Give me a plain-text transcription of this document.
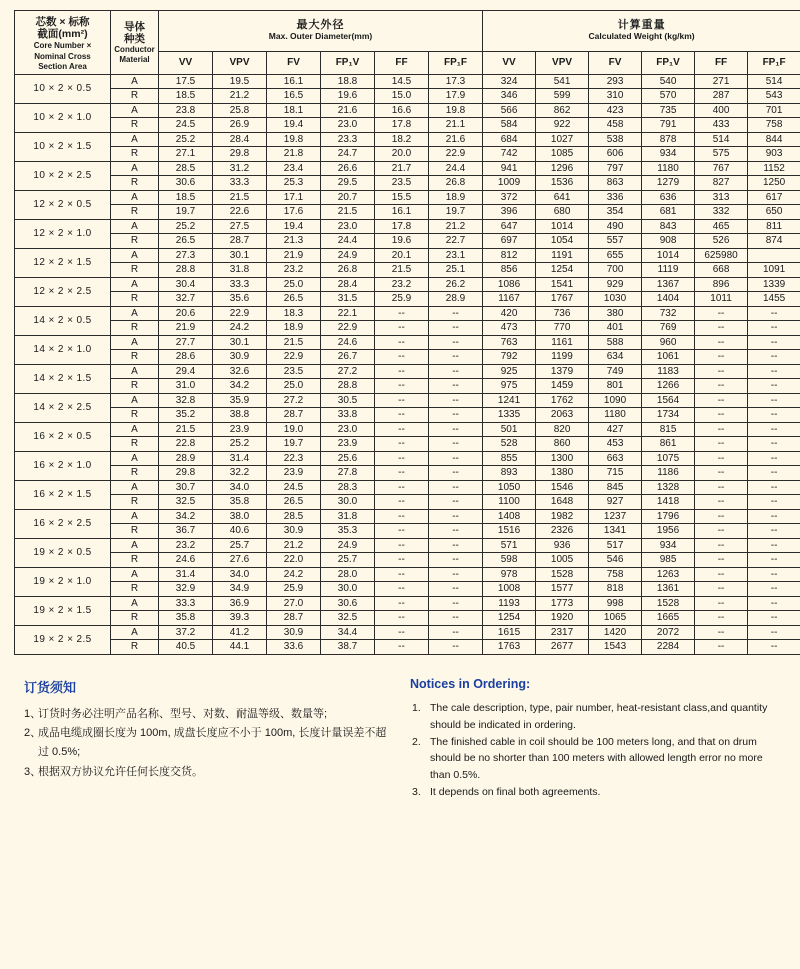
芯数 × 标称
截面(mm²)
Core Number ×
Nominal Cross
Section Area	导体
种类
Conductor
Material	最大外径
Max. Outer Diameter(mm)						计算重量
Calculated Weight (kg/km)					
		VV	VPV	FV	FP₁V	FF	FP₁F	VV	VPV	FV	FP₁V	FF	FP₁F
10 × 2 × 0.5	A	17.5	19.5	16.1	18.8	14.5	17.3	324	541	293	540	271	514
	R	18.5	21.2	16.5	19.6	15.0	17.9	346	599	310	570	287	543
10 × 2 × 1.0	A	23.8	25.8	18.1	21.6	16.6	19.8	566	862	423	735	400	701
	R	24.5	26.9	19.4	23.0	17.8	21.1	584	922	458	791	433	758
10 × 2 × 1.5	A	25.2	28.4	19.8	23.3	18.2	21.6	684	1027	538	878	514	844
	R	27.1	29.8	21.8	24.7	20.0	22.9	742	1085	606	934	575	903
10 × 2 × 2.5	A	28.5	31.2	23.4	26.6	21.7	24.4	941	1296	797	1180	767	1152
	R	30.6	33.3	25.3	29.5	23.5	26.8	1009	1536	863	1279	827	1250
12 × 2 × 0.5	A	18.5	21.5	17.1	20.7	15.5	18.9	372	641	336	636	313	617
	R	19.7	22.6	17.6	21.5	16.1	19.7	396	680	354	681	332	650
12 × 2 × 1.0	A	25.2	27.5	19.4	23.0	17.8	21.2	647	1014	490	843	465	811
	R	26.5	28.7	21.3	24.4	19.6	22.7	697	1054	557	908	526	874
12 × 2 × 1.5	A	27.3	30.1	21.9	24.9	20.1	23.1	812	1191	655	1014	625980	
	R	28.8	31.8	23.2	26.8	21.5	25.1	856	1254	700	1119	668	1091
12 × 2 × 2.5	A	30.4	33.3	25.0	28.4	23.2	26.2	1086	1541	929	1367	896	1339
	R	32.7	35.6	26.5	31.5	25.9	28.9	1167	1767	1030	1404	1011	1455
14 × 2 × 0.5	A	20.6	22.9	18.3	22.1	--	--	420	736	380	732	--	--
	R	21.9	24.2	18.9	22.9	--	--	473	770	401	769	--	--
14 × 2 × 1.0	A	27.7	30.1	21.5	24.6	--	--	763	1161	588	960	--	--
	R	28.6	30.9	22.9	26.7	--	--	792	1199	634	1061	--	--
14 × 2 × 1.5	A	29.4	32.6	23.5	27.2	--	--	925	1379	749	1183	--	--
	R	31.0	34.2	25.0	28.8	--	--	975	1459	801	1266	--	--
14 × 2 × 2.5	A	32.8	35.9	27.2	30.5	--	--	1241	1762	1090	1564	--	--
	R	35.2	38.8	28.7	33.8	--	--	1335	2063	1180	1734	--	--
16 × 2 × 0.5	A	21.5	23.9	19.0	23.0	--	--	501	820	427	815	--	--
	R	22.8	25.2	19.7	23.9	--	--	528	860	453	861	--	--
16 × 2 × 1.0	A	28.9	31.4	22.3	25.6	--	--	855	1300	663	1075	--	--
	R	29.8	32.2	23.9	27.8	--	--	893	1380	715	1186	--	--
16 × 2 × 1.5	A	30.7	34.0	24.5	28.3	--	--	1050	1546	845	1328	--	--
	R	32.5	35.8	26.5	30.0	--	--	1100	1648	927	1418	--	--
16 × 2 × 2.5	A	34.2	38.0	28.5	31.8	--	--	1408	1982	1237	1796	--	--
	R	36.7	40.6	30.9	35.3	--	--	1516	2326	1341	1956	--	--
19 × 2 × 0.5	A	23.2	25.7	21.2	24.9	--	--	571	936	517	934	--	--
	R	24.6	27.6	22.0	25.7	--	--	598	1005	546	985	--	--
19 × 2 × 1.0	A	31.4	34.0	24.2	28.0	--	--	978	1528	758	1263	--	--
	R	32.9	34.9	25.9	30.0	--	--	1008	1577	818	1361	--	--
19 × 2 × 1.5	A	33.3	36.9	27.0	30.6	--	--	1193	1773	998	1528	--	--
	R	35.8	39.3	28.7	32.5	--	--	1254	1920	1065	1665	--	--
19 × 2 × 2.5	A	37.2	41.2	30.9	34.4	--	--	1615	2317	1420	2072	--	--
	R	40.5	44.1	33.6	38.7	--	--	1763	2677	1543	2284	--	--
订货须知
1、
订货时务必注明产品名称、型号、对数、耐温等级、数量等;
2、
成品电缆成圈长度为 100m, 成盘长度应不小于 100m, 长度计量误差不超过 0.5%;
3、
根据双方协议允许任何长度交货。
Notices in Ordering:
1. The cale description, type, pair number, heat-resistant class,and quantity should be indicated in ordering.
2. The finished cable in coil should be 100 meters long, and that on drum should be no shorter than 100 meters with allowed length error no more than 0.5%.
3. It depends on final both agreements.
